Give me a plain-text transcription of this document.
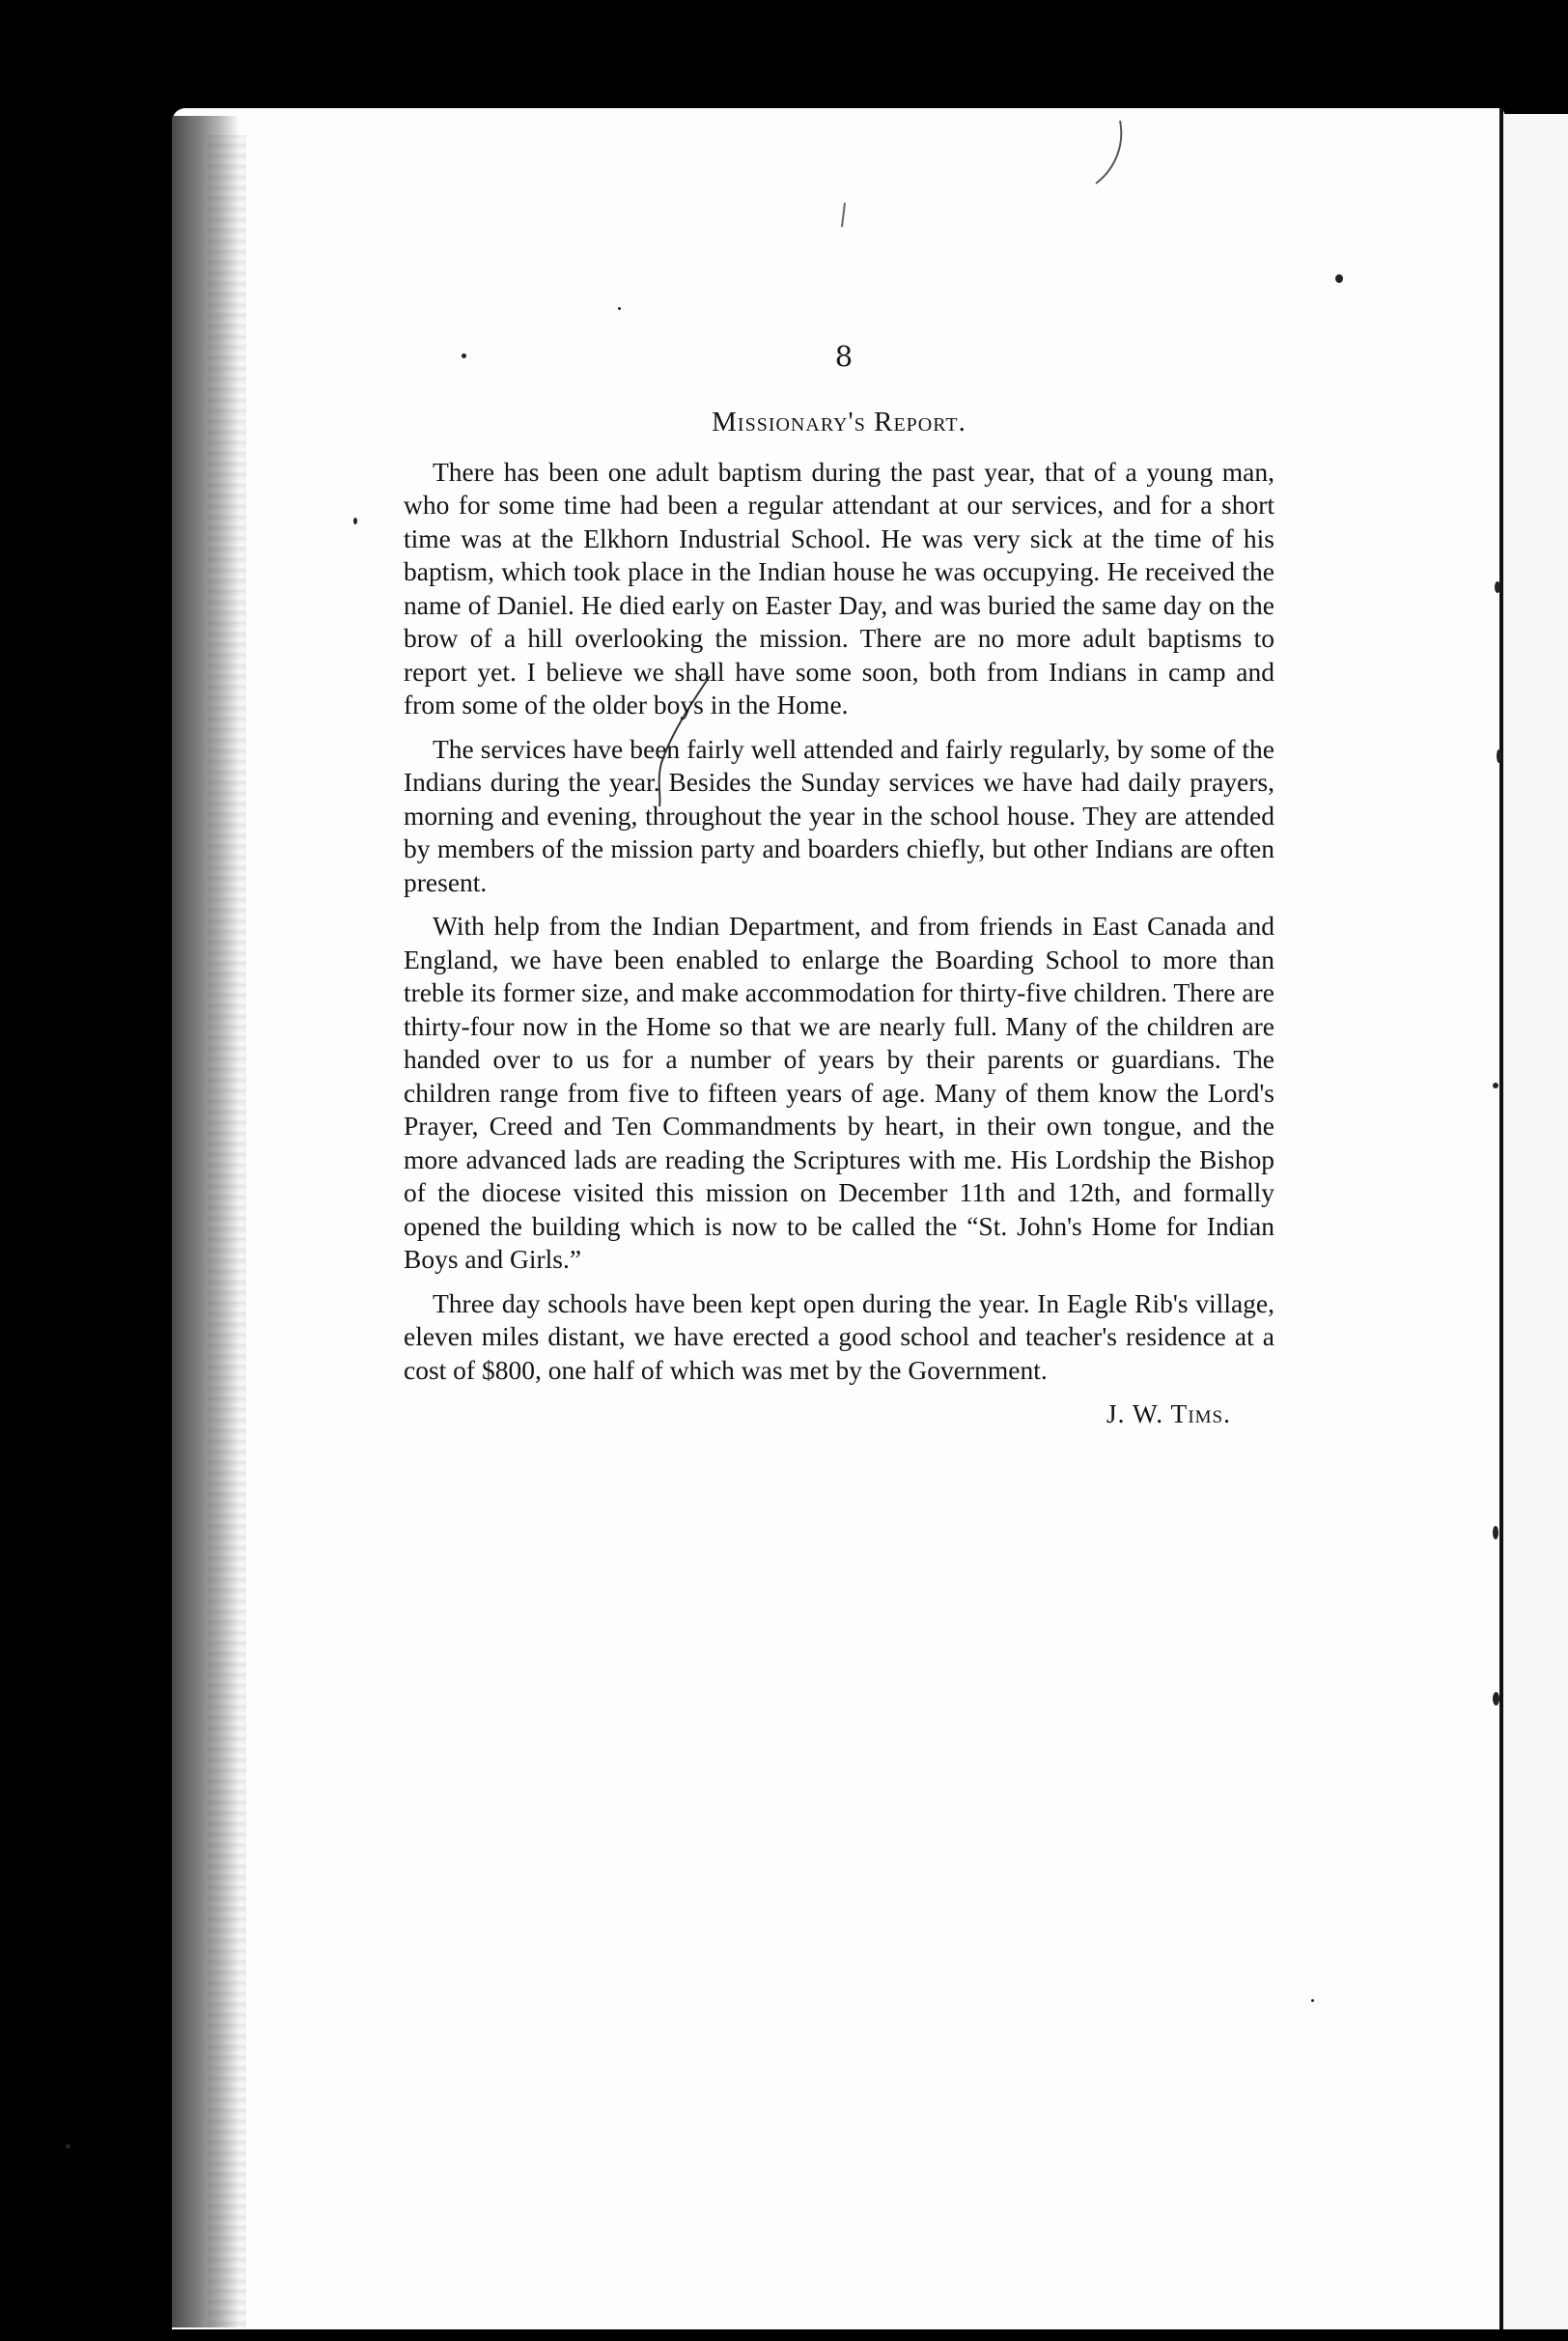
8
Missionary's Report.

There has been one adult baptism during the past year, that of a young man, who for some time had been a regular attendant at our services, and for a short time was at the Elkhorn Industrial School. He was very sick at the time of his baptism, which took place in the Indian house he was occupying. He received the name of Daniel. He died early on Easter Day, and was buried the same day on the brow of a hill overlooking the mission. There are no more adult baptisms to report yet. I believe we shall have some soon, both from Indians in camp and from some of the older boys in the Home.

The services have been fairly well attended and fairly regularly, by some of the Indians during the year. Besides the Sunday services we have had daily prayers, morning and evening, throughout the year in the school house. They are attended by members of the mission party and boarders chiefly, but other Indians are often present.

With help from the Indian Department, and from friends in East Canada and England, we have been enabled to enlarge the Boarding School to more than treble its former size, and make accommodation for thirty-five children. There are thirty-four now in the Home so that we are nearly full. Many of the children are handed over to us for a number of years by their parents or guardians. The children range from five to fifteen years of age. Many of them know the Lord's Prayer, Creed and Ten Commandments by heart, in their own tongue, and the more advanced lads are reading the Scriptures with me. His Lordship the Bishop of the diocese visited this mission on December 11th and 12th, and formally opened the building which is now to be called the “St. John's Home for Indian Boys and Girls.”

Three day schools have been kept open during the year. In Eagle Rib's village, eleven miles distant, we have erected a good school and teacher's residence at a cost of $800, one half of which was met by the Government.

J. W. Tims.
